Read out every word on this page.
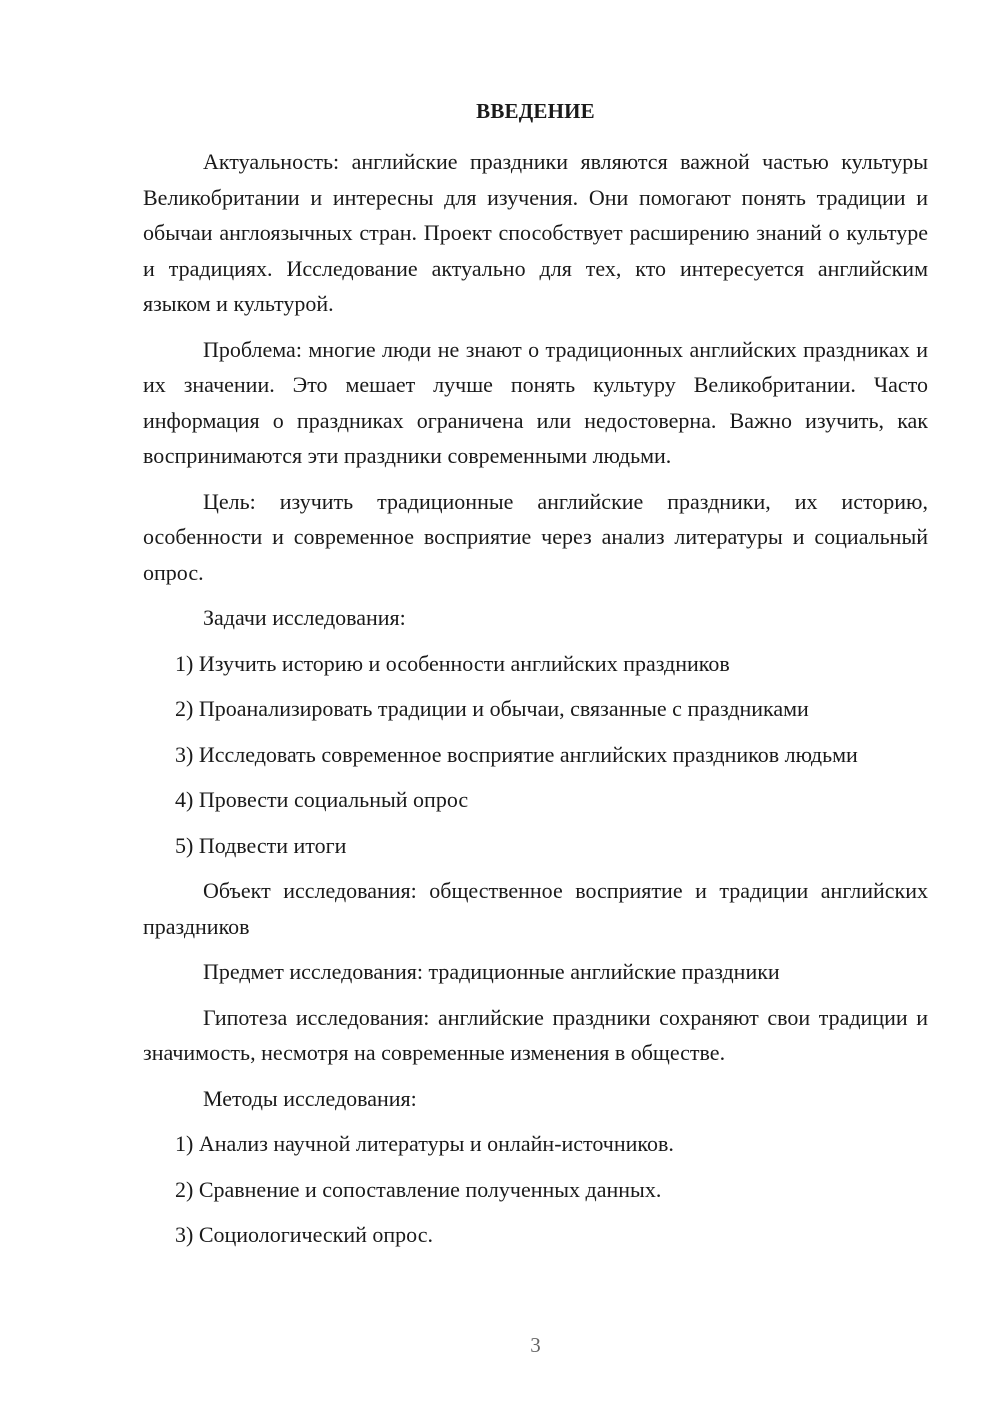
ВВЕДЕНИЕ

Актуальность: английские праздники являются важной частью культуры Великобритании и интересны для изучения. Они помогают понять традиции и обычаи англоязычных стран. Проект способствует расширению знаний о культуре и традициях. Исследование актуально для тех, кто интересуется английским языком и культурой.

Проблема: многие люди не знают о традиционных английских праздниках и их значении. Это мешает лучше понять культуру Великобритании. Часто информация о праздниках ограничена или недостоверна. Важно изучить, как воспринимаются эти праздники современными людьми.

Цель: изучить традиционные английские праздники, их историю, особенности и современное восприятие через анализ литературы и социальный опрос.

Задачи исследования:

1) Изучить историю и особенности английских праздников

2) Проанализировать традиции и обычаи, связанные с праздниками

3) Исследовать современное восприятие английских праздников людьми

4) Провести социальный опрос

5) Подвести итоги

Объект исследования: общественное восприятие и традиции английских праздников

Предмет исследования: традиционные английские праздники

Гипотеза исследования: английские праздники сохраняют свои традиции и значимость, несмотря на современные изменения в обществе.

Методы исследования:

1) Анализ научной литературы и онлайн-источников.

2) Сравнение и сопоставление полученных данных.

3) Социологический опрос.

3
